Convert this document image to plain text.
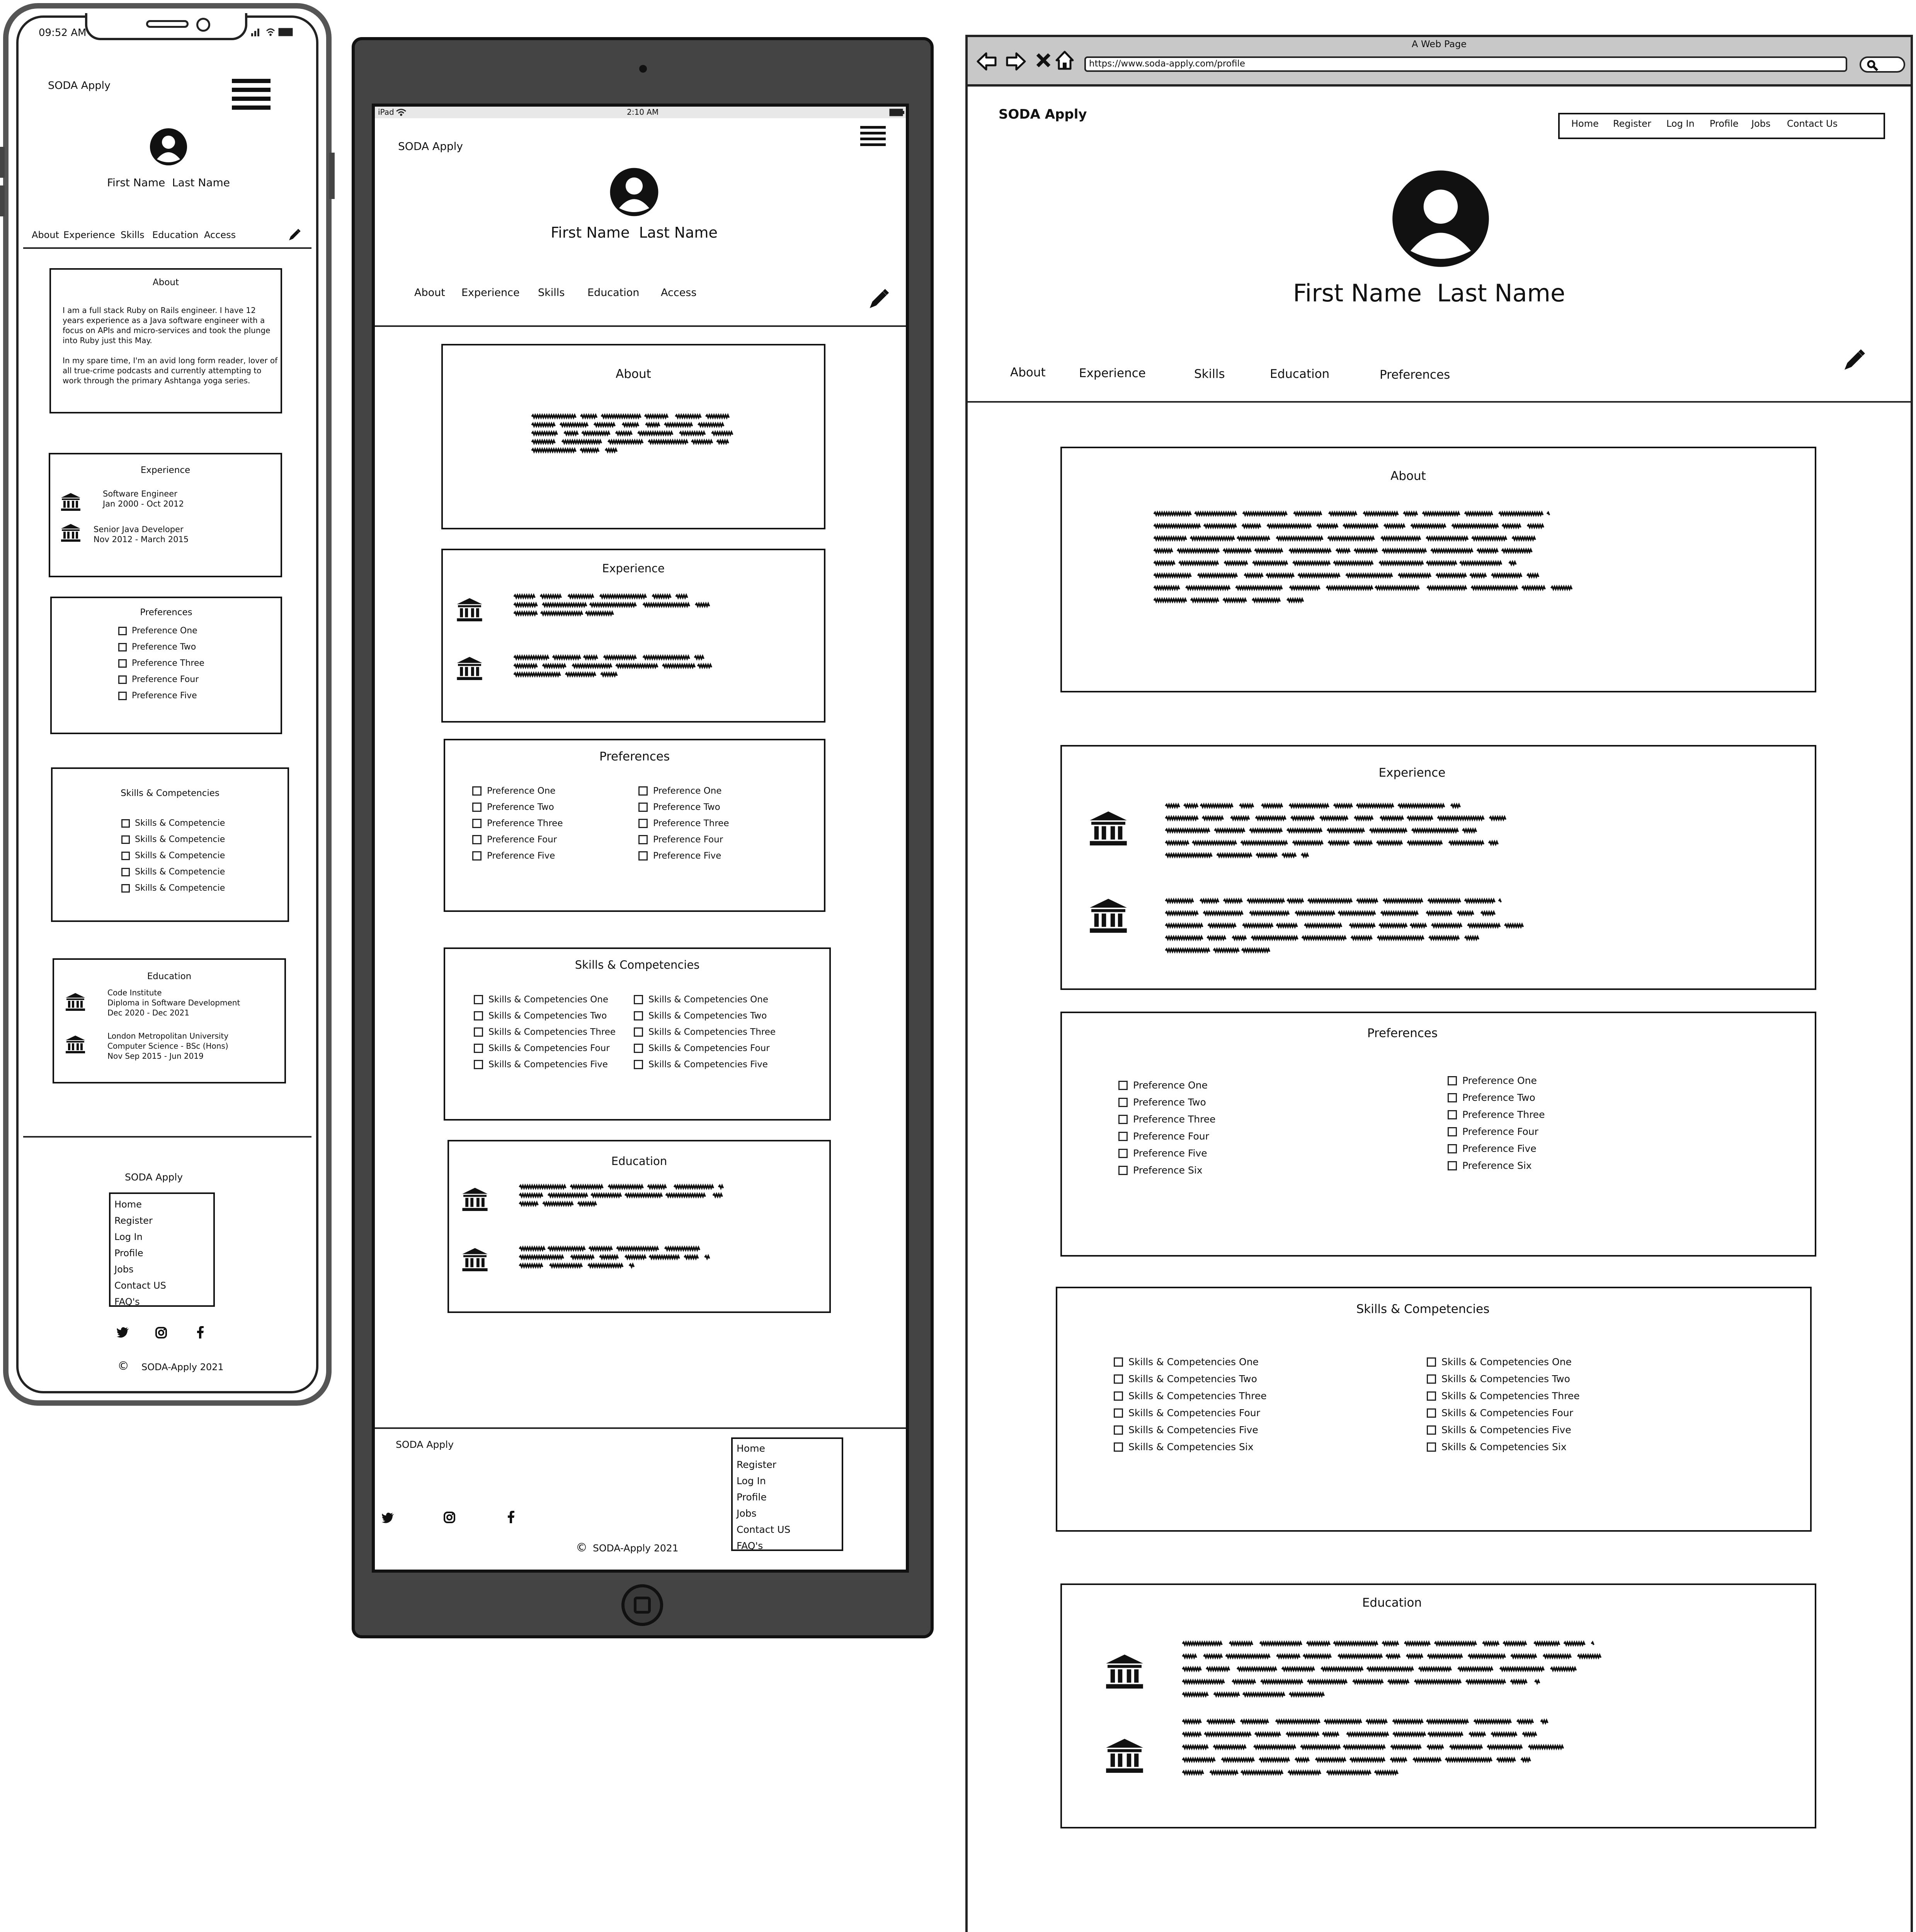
09:52 AM
SODA Apply
First Name  Last Name
About Experience Skills Education Access
About
I am a full stack Ruby on Rails engineer. I have 12
years experience as a Java software engineer with a
focus on APIs and micro-services and took the plunge
into Ruby just this May.
In my spare time, I'm an avid long form reader, lover of
all true-crime podcasts and currently attempting to
work through the primary Ashtanga yoga series.
Experience
Software Engineer
Jan 2000 - Oct 2012
Senior Java Developer
Nov 2012 - March 2015
Preferences
Preference One
Preference Two
Preference Three
Preference Four
Preference Five
Skills & Competencies
Skills & Competencie
Skills & Competencie
Skills & Competencie
Skills & Competencie
Skills & Competencie
Education
Code Institute
Diploma in Software Development
Dec 2020 - Dec 2021
London Metropolitan University
Computer Science - BSc (Hons)
Nov Sep 2015 - Jun 2019
SODA Apply
Home
Register
Log In
Profile
Jobs
Contact US
FAQ's
© SODA-Apply 2021
iPad	2:10 AM
SODA Apply
First Name  Last Name
About Experience Skills Education Access
About
Experience
Preferences
Preference One
Preference Two
Preference Three
Preference Four
Preference Five
Preference One
Preference Two
Preference Three
Preference Four
Preference Five
Skills & Competencies
Skills & Competencies One
Skills & Competencies Two
Skills & Competencies Three
Skills & Competencies Four
Skills & Competencies Five
Skills & Competencies One
Skills & Competencies Two
Skills & Competencies Three
Skills & Competencies Four
Skills & Competencies Five
Education
SODA Apply	Home
Register
Log In
Profile
Jobs
Contact US
FAQ's
© SODA-Apply 2021
A Web Page
https://www.soda-apply.com/profile
SODA Apply
Home Register Log In Profile Jobs Contact Us
First Name  Last Name
About	Experience	Skills	Education	Preferences
About
Experience
Preferences
Preference One
Preference Two
Preference Three
Preference Four
Preference Five
Preference Six
Preference One
Preference Two
Preference Three
Preference Four
Preference Five
Preference Six
Skills & Competencies
Skills & Competencies One
Skills & Competencies Two
Skills & Competencies Three
Skills & Competencies Four
Skills & Competencies Five
Skills & Competencies Six
Skills & Competencies One
Skills & Competencies Two
Skills & Competencies Three
Skills & Competencies Four
Skills & Competencies Five
Skills & Competencies Six
Education
